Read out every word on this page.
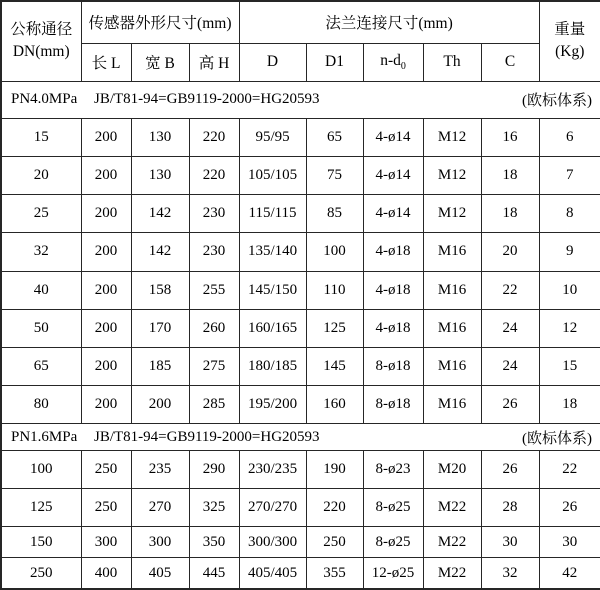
公称通径
DN(mm)
	传感器外形尺寸(mm)	法兰连接尺寸(mm)	重量
(Kg)

	长 L	宽 B	高 H	D	D1	$n-d_0$	Th	C	

PN4.0MPa JB/T81-94=GB9119-2000=HG20593 (欧标体系)									

15	200	130	220	95/95	65	4-ø14	M12	16	6
20	200	130	220	105/105	75	4-ø14	M12	18	7
25	200	142	230	115/115	85	4-ø14	M12	18	8
32	200	142	230	135/140	100	4-ø18	M16	20	9
40	200	158	255	145/150	110	4-ø18	M16	22	10
50	200	170	260	160/165	125	4-ø18	M16	24	12
65	200	185	275	180/185	145	8-ø18	M16	24	15
80	200	200	285	195/200	160	8-ø18	M16	26	18

PN1.6MPa JB/T81-94=GB9119-2000=HG20593 (欧标体系)									

100	250	235	290	230/235	190	8-ø23	M20	26	22
125	250	270	325	270/270	220	8-ø25	M22	28	26
150	300	300	350	300/300	250	8-ø25	M22	30	30
250	400	405	445	405/405	355	12-ø25	M22	32	42
